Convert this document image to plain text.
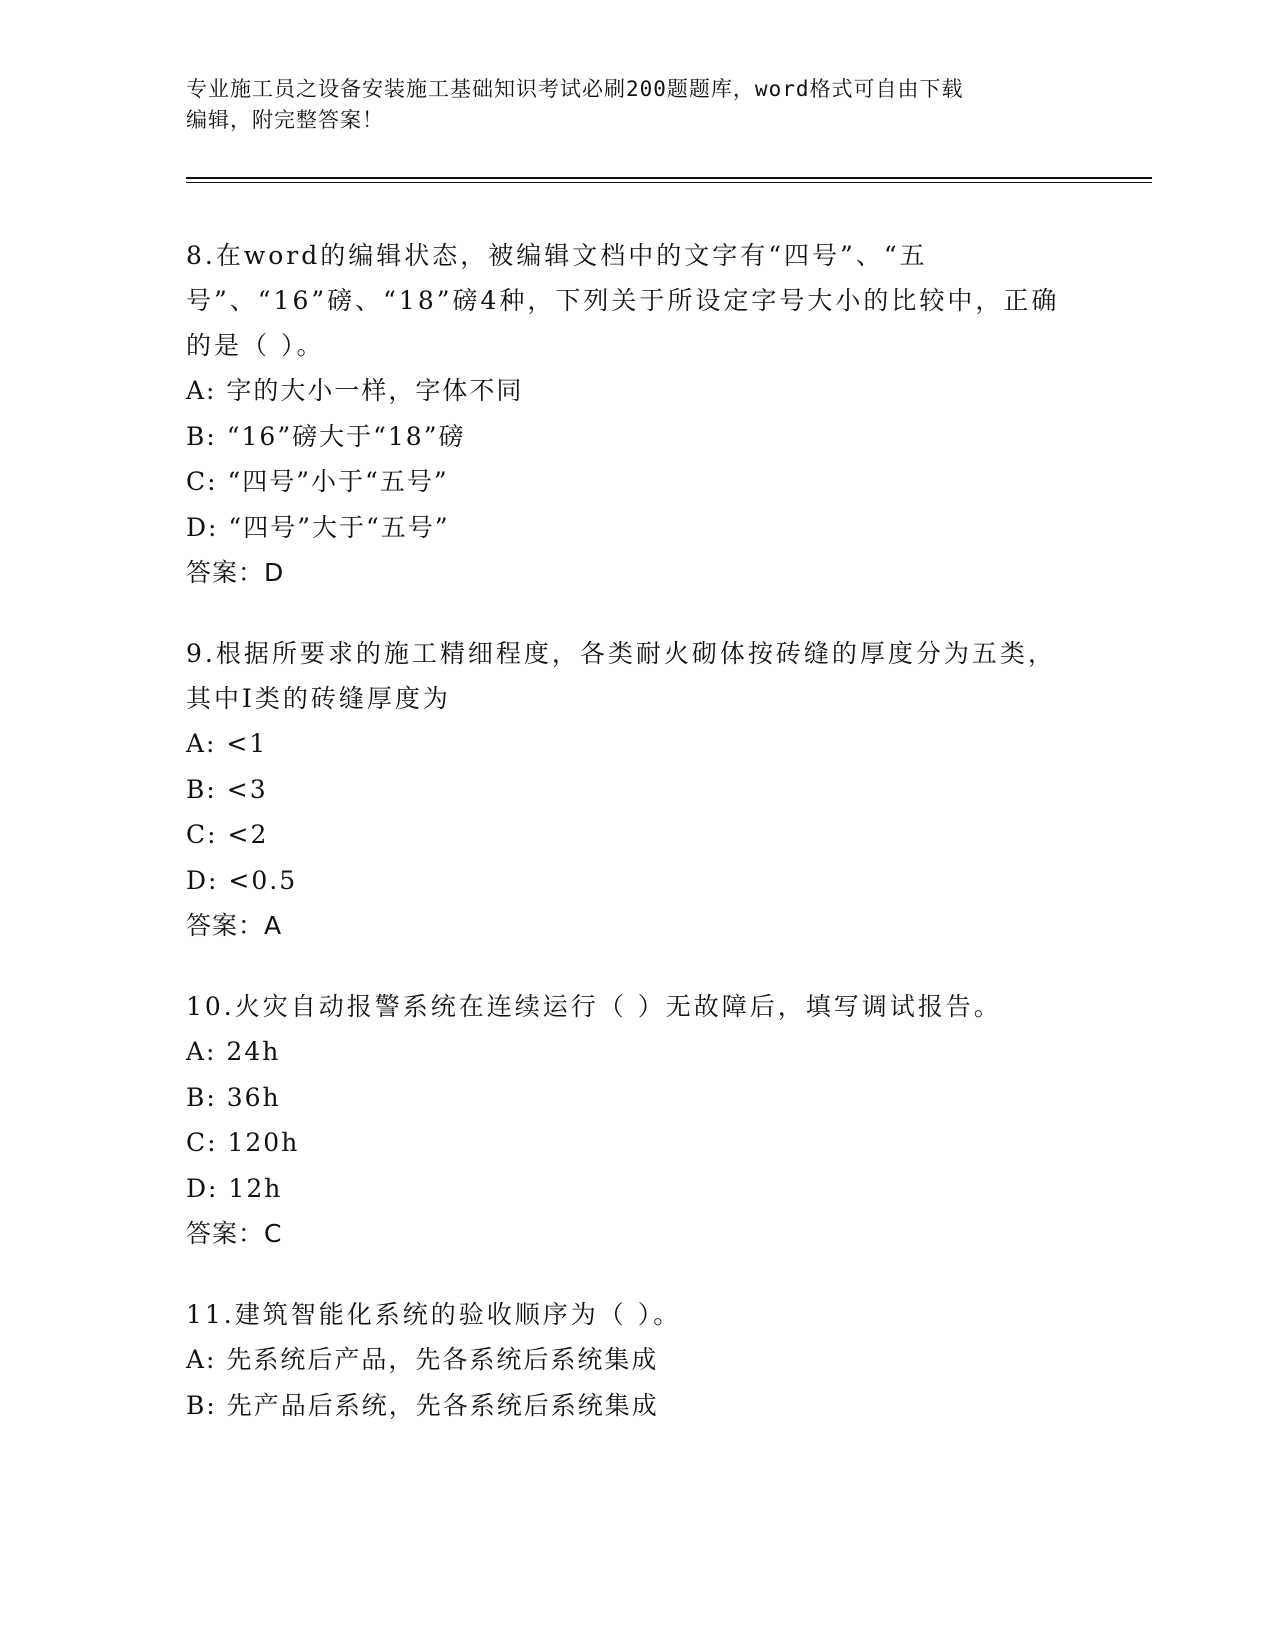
专业施工员之设备安装施工基础知识考试必刷200题题库，word格式可自由下载
编辑，附完整答案！
8.在word的编辑状态，被编辑文档中的文字有“四号”、“五号”、“16”磅、“18”磅4种，下列关于所设定字号大小的比较中，正确的是（ ）。
A: 字的大小一样，字体不同
B: “16”磅大于“18”磅
C: “四号”小于“五号”
D: “四号”大于“五号”
答案：D
9.根据所要求的施工精细程度，各类耐火砌体按砖缝的厚度分为五类，其中I类的砖缝厚度为
A: <1
B: <3
C: <2
D: <0.5
答案：A
10.火灾自动报警系统在连续运行（ ）无故障后，填写调试报告。
A: 24h
B: 36h
C: 120h
D: 12h
答案：C
11.建筑智能化系统的验收顺序为（ ）。
A: 先系统后产品，先各系统后系统集成
B: 先产品后系统，先各系统后系统集成
